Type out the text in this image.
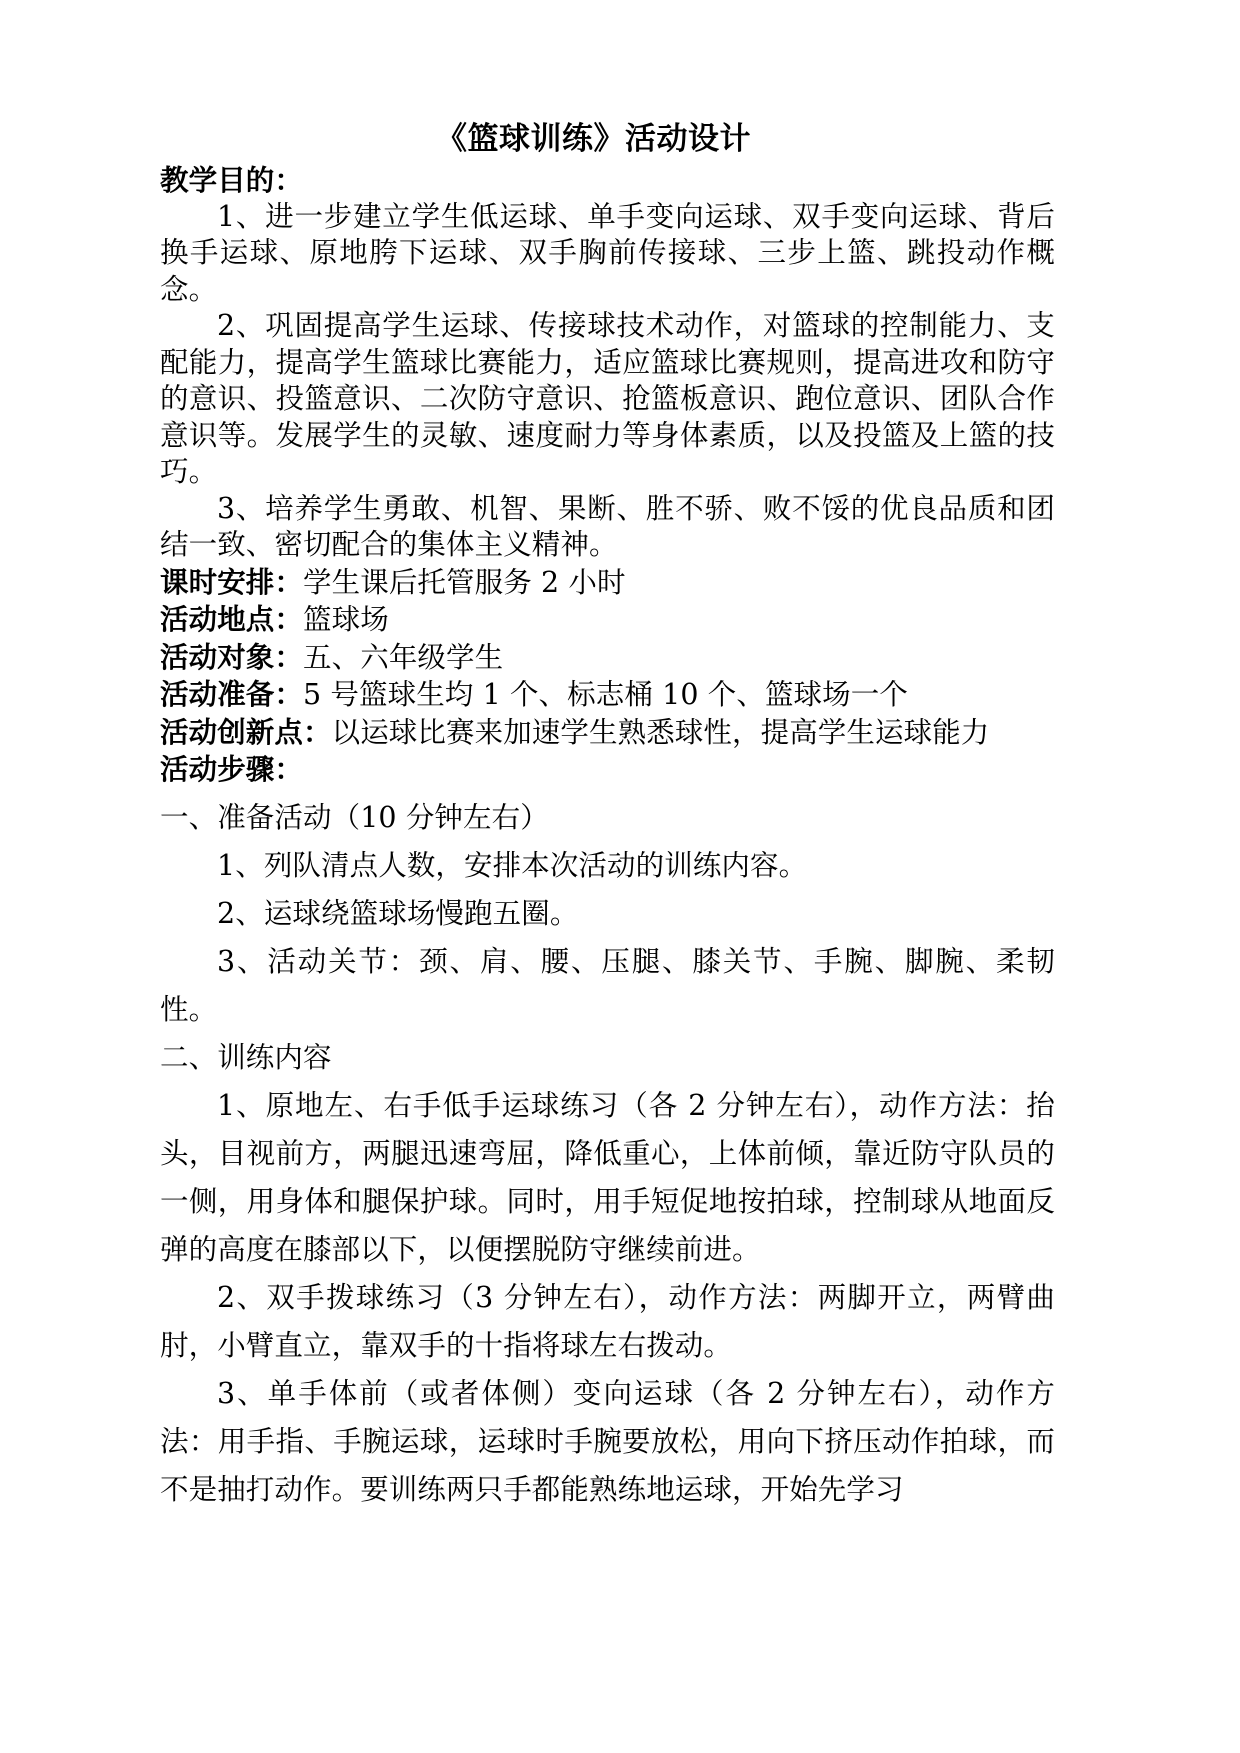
《篮球训练》活动设计

教学目的：

1、进一步建立学生低运球、单手变向运球、双手变向运球、背后换手运球、原地胯下运球、双手胸前传接球、三步上篮、跳投动作概念。

2、巩固提高学生运球、传接球技术动作，对篮球的控制能力、支配能力，提高学生篮球比赛能力，适应篮球比赛规则，提高进攻和防守的意识、投篮意识、二次防守意识、抢篮板意识、跑位意识、团队合作意识等。发展学生的灵敏、速度耐力等身体素质，以及投篮及上篮的技巧。

3、培养学生勇敢、机智、果断、胜不骄、败不馁的优良品质和团结一致、密切配合的集体主义精神。

课时安排：学生课后托管服务 2 小时

活动地点：篮球场

活动对象：五、六年级学生

活动准备：5 号篮球生均 1 个、标志桶 10 个、篮球场一个

活动创新点：以运球比赛来加速学生熟悉球性，提高学生运球能力

活动步骤：

一、准备活动（10 分钟左右）

1、列队清点人数，安排本次活动的训练内容。

2、运球绕篮球场慢跑五圈。

3、活动关节：颈、肩、腰、压腿、膝关节、手腕、脚腕、柔韧性。

二、训练内容

1、原地左、右手低手运球练习（各 2 分钟左右），动作方法：抬头，目视前方，两腿迅速弯屈，降低重心，上体前倾，靠近防守队员的一侧，用身体和腿保护球。同时，用手短促地按拍球，控制球从地面反弹的高度在膝部以下，以便摆脱防守继续前进。

2、双手拨球练习（3 分钟左右），动作方法：两脚开立，两臂曲肘，小臂直立，靠双手的十指将球左右拨动。

3、单手体前（或者体侧）变向运球（各 2 分钟左右），动作方法：用手指、手腕运球，运球时手腕要放松，用向下挤压动作拍球，而不是抽打动作。要训练两只手都能熟练地运球，开始先学习
